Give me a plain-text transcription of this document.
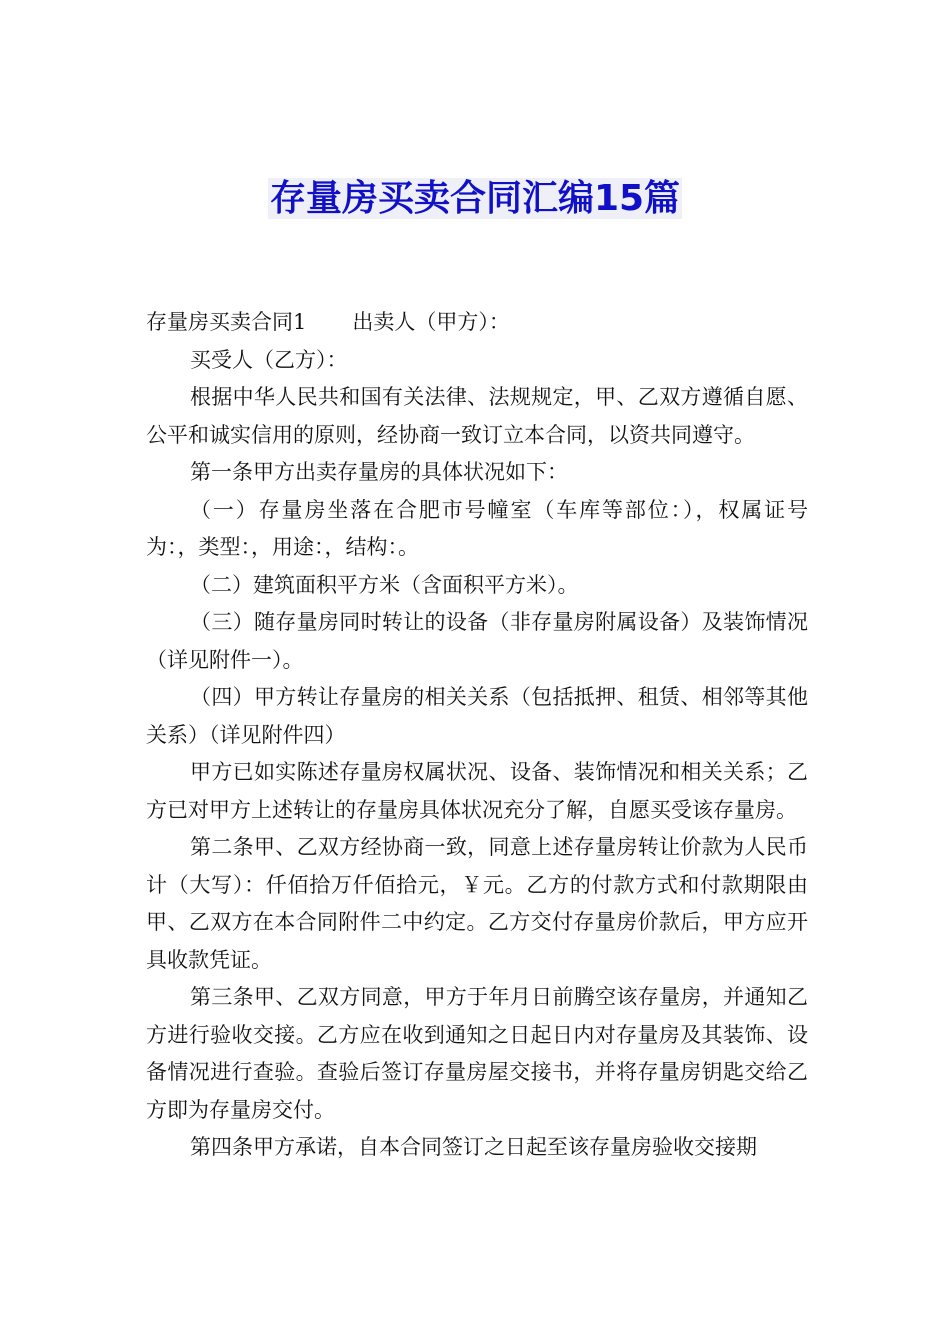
存量房买卖合同汇编15篇

存量房买卖合同1 出卖人（甲方）：

买受人（乙方）：

根据中华人民共和国有关法律、法规规定，甲、乙双方遵循自愿、公平和诚实信用的原则，经协商一致订立本合同，以资共同遵守。

第一条甲方出卖存量房的具体状况如下：

（一）存量房坐落在合肥市号幢室（车库等部位：），权属证号为：，类型：，用途：，结构：。

（二）建筑面积平方米（含面积平方米）。

（三）随存量房同时转让的设备（非存量房附属设备）及装饰情况（详见附件一）。

（四）甲方转让存量房的相关关系（包括抵押、租赁、相邻等其他关系）（详见附件四）

甲方已如实陈述存量房权属状况、设备、装饰情况和相关关系；乙方已对甲方上述转让的存量房具体状况充分了解，自愿买受该存量房。

第二条甲、乙双方经协商一致，同意上述存量房转让价款为人民币计（大写）：仟佰拾万仟佰拾元，￥元。乙方的付款方式和付款期限由甲、乙双方在本合同附件二中约定。乙方交付存量房价款后，甲方应开具收款凭证。

第三条甲、乙双方同意，甲方于年月日前腾空该存量房，并通知乙方进行验收交接。乙方应在收到通知之日起日内对存量房及其装饰、设备情况进行查验。查验后签订存量房屋交接书，并将存量房钥匙交给乙方即为存量房交付。

第四条甲方承诺，自本合同签订之日起至该存量房验收交接期
